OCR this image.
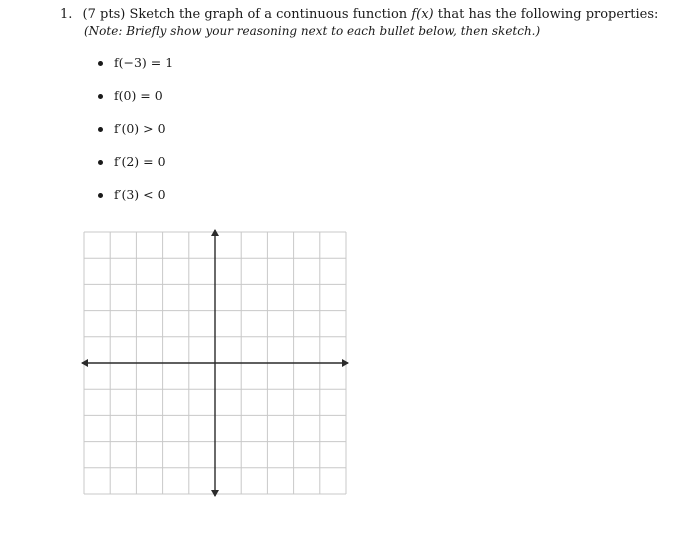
1. (7 pts) Sketch the graph of a continuous function f(x) that has the following properties:
(Note: Briefly show your reasoning next to each bullet below, then sketch.)
f(−3) = 1
f(0) = 0
f′(0) > 0
f′(2) = 0
f′(3) < 0
